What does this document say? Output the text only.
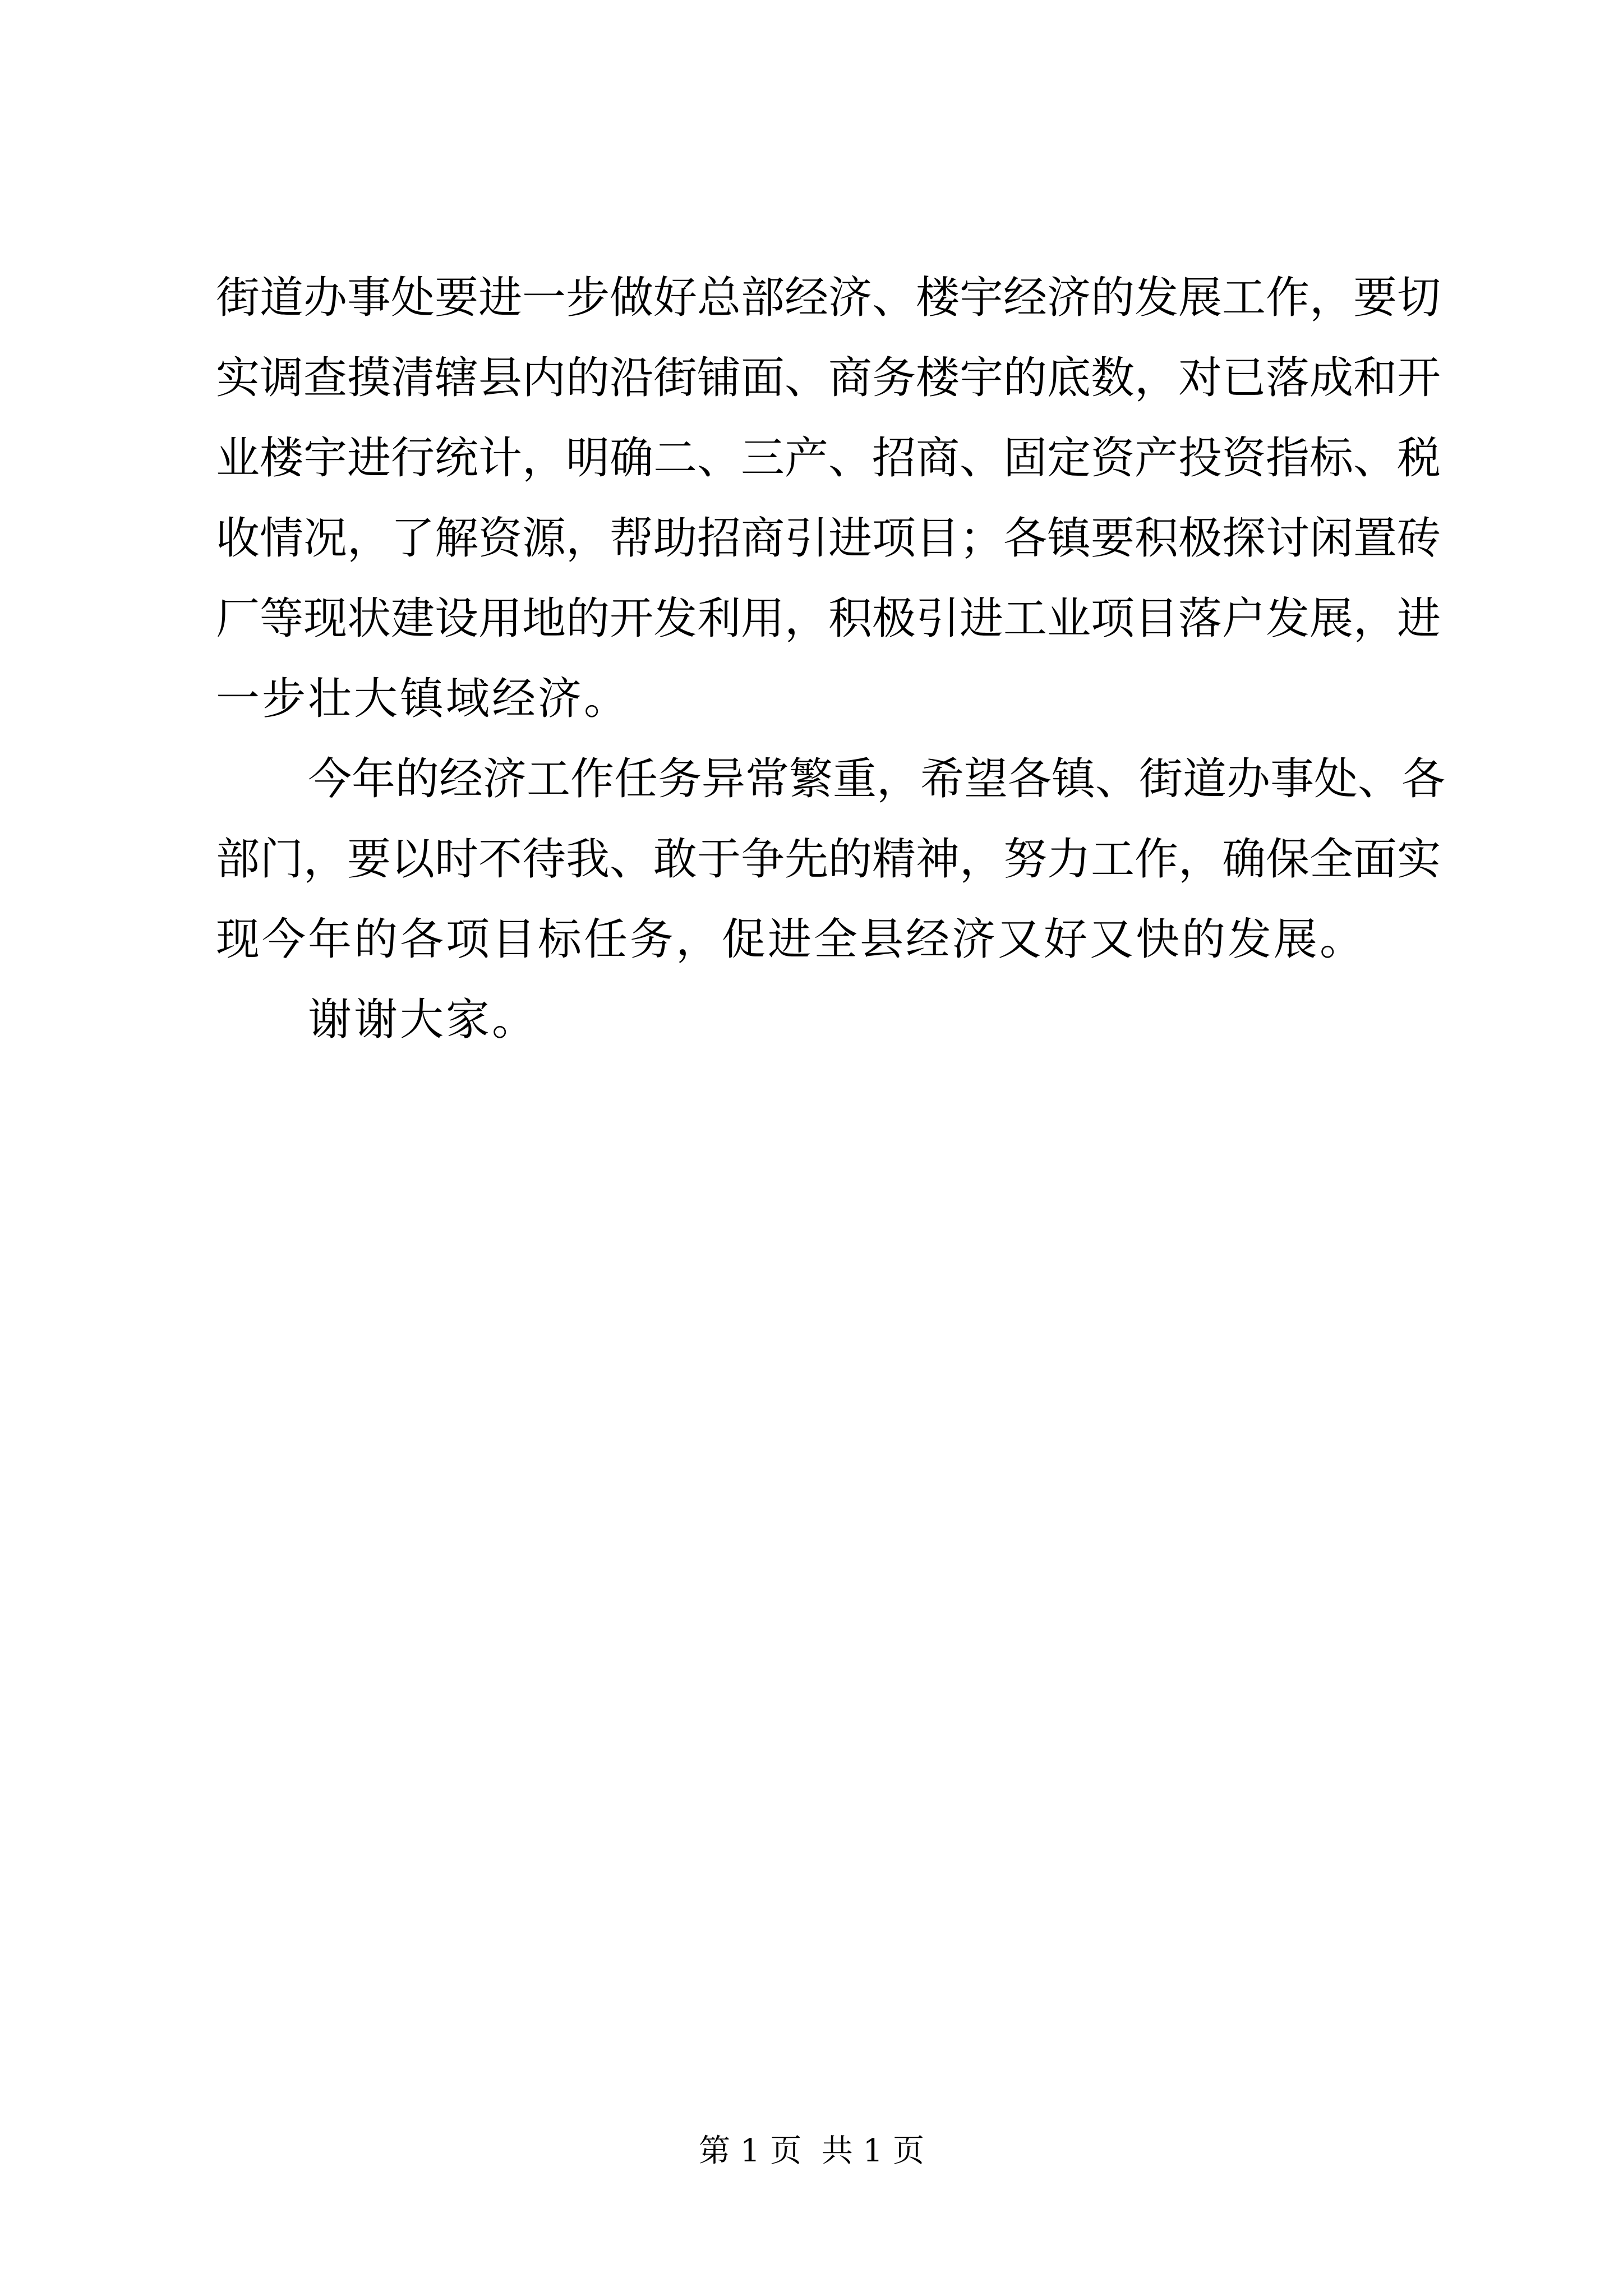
街道办事处要进一步做好总部经济、楼宇经济的发展工作，要切
实调查摸清辖县内的沿街铺面、商务楼宇的底数，对已落成和开
业楼宇进行统计，明确二、三产、招商、固定资产投资指标、税
收情况，了解资源，帮助招商引进项目；各镇要积极探讨闲置砖
厂等现状建设用地的开发利用，积极引进工业项目落户发展，进
一步壮大镇域经济。
今年的经济工作任务异常繁重，希望各镇、街道办事处、各
部门，要以时不待我、敢于争先的精神，努力工作，确保全面实
现今年的各项目标任务，促进全县经济又好又快的发展。
谢谢大家。
第 1 页  共 1 页
